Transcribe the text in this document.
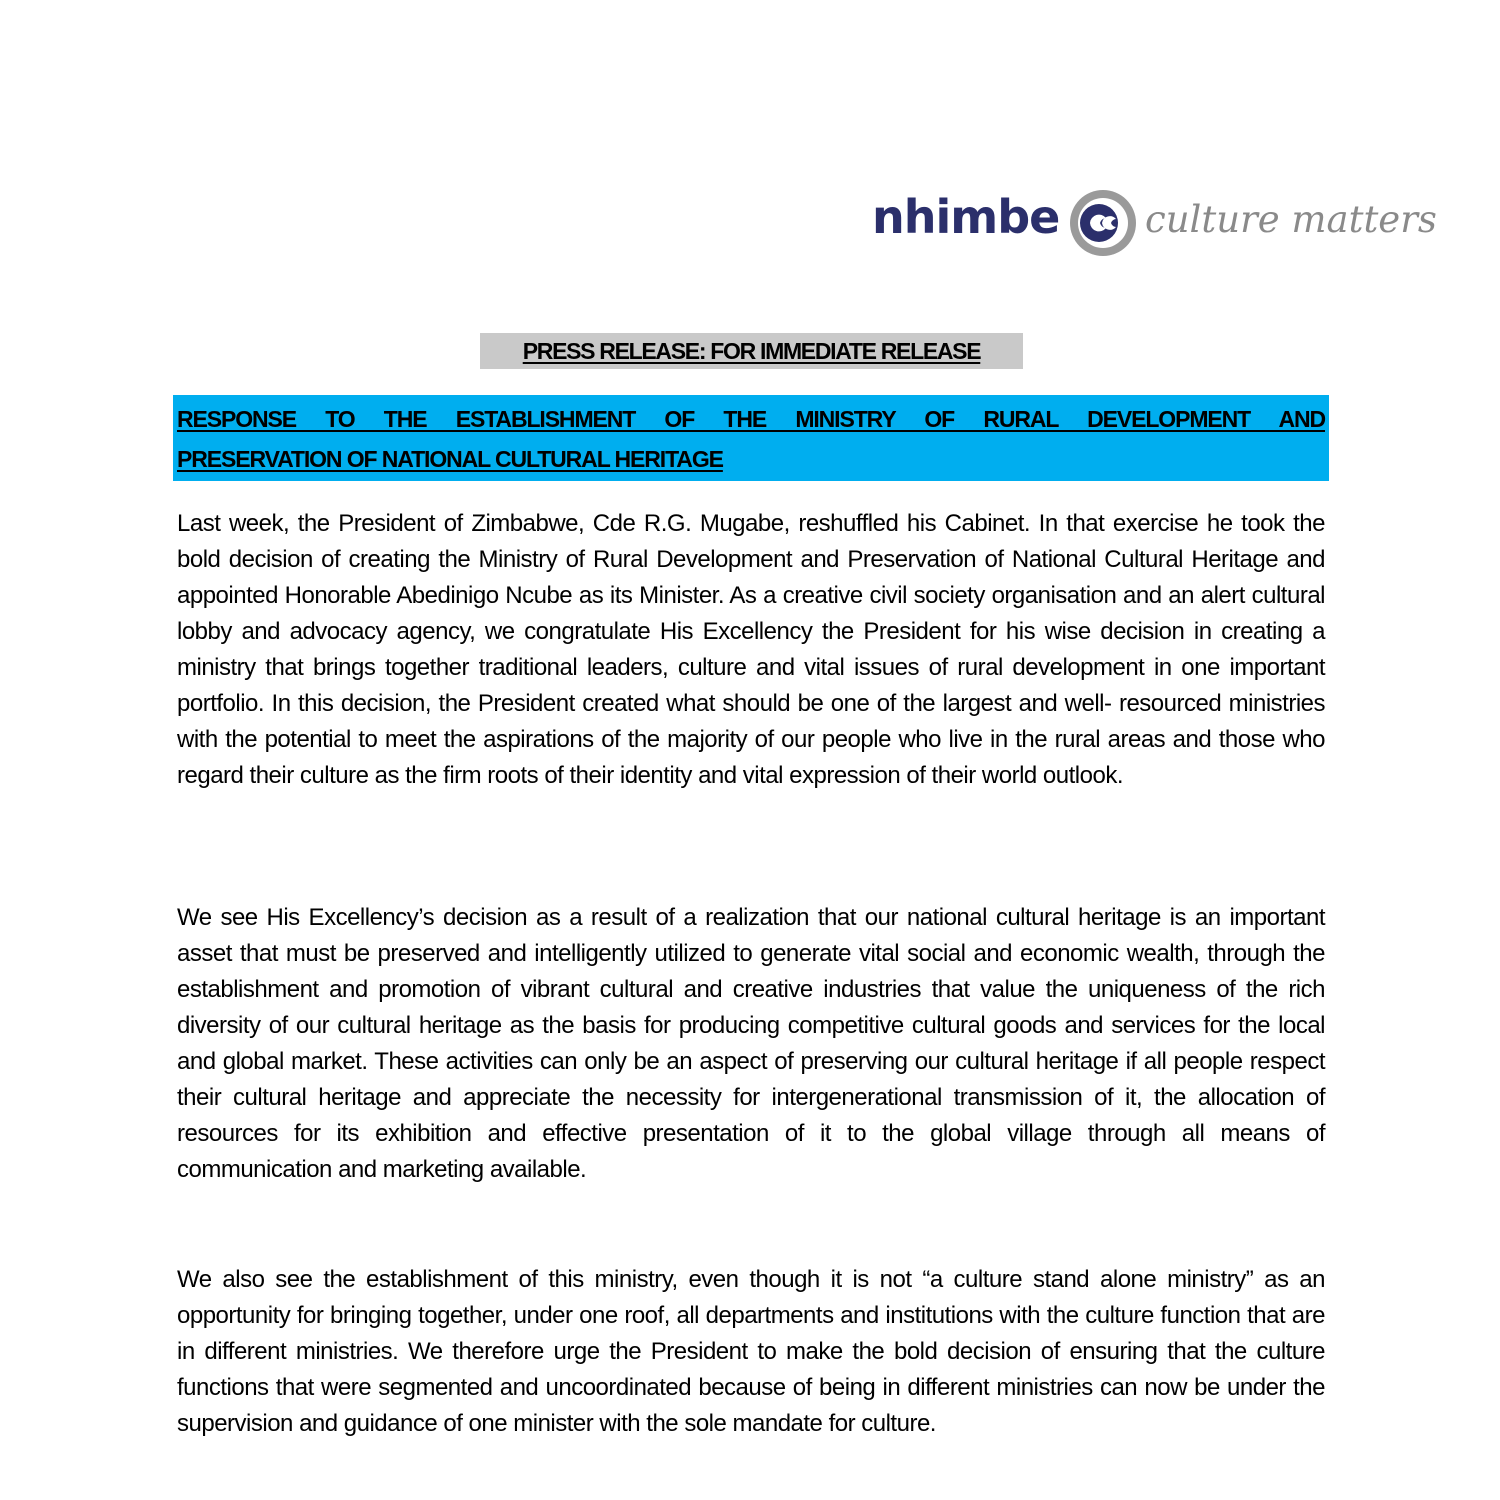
nhimbe culture matters
PRESS RELEASE: FOR IMMEDIATE RELEASE
RESPONSE TO THE ESTABLISHMENT OF THE MINISTRY OF RURAL DEVELOPMENT AND
PRESERVATION OF NATIONAL CULTURAL HERITAGE

Last week, the President of Zimbabwe, Cde R.G. Mugabe, reshuffled his Cabinet. In that exercise he took the bold decision of creating the Ministry of Rural Development and Preservation of National Cultural Heritage and appointed Honorable Abedinigo Ncube as its Minister. As a creative civil society organisation and an alert cultural lobby and advocacy agency, we congratulate His Excellency the President for his wise decision in creating a ministry that brings together traditional leaders, culture and vital issues of rural development in one important portfolio. In this decision, the President created what should be one of the largest and well- resourced ministries with the potential to meet the aspirations of the majority of our people who live in the rural areas and those who regard their culture as the firm roots of their identity and vital expression of their world outlook.

We see His Excellency’s decision as a result of a realization that our national cultural heritage is an important asset that must be preserved and intelligently utilized to generate vital social and economic wealth, through the establishment and promotion of vibrant cultural and creative industries that value the uniqueness of the rich diversity of our cultural heritage as the basis for producing competitive cultural goods and services for the local and global market. These activities can only be an aspect of preserving our cultural heritage if all people respect their cultural heritage and appreciate the necessity for intergenerational transmission of it, the allocation of resources for its exhibition and effective presentation of it to the global village through all means of communication and marketing available.

We also see the establishment of this ministry, even though it is not “a culture stand alone ministry” as an opportunity for bringing together, under one roof, all departments and institutions with the culture function that are in different ministries. We therefore urge the President to make the bold decision of ensuring that the culture functions that were segmented and uncoordinated because of being in different ministries can now be under the supervision and guidance of one minister with the sole mandate for culture.
